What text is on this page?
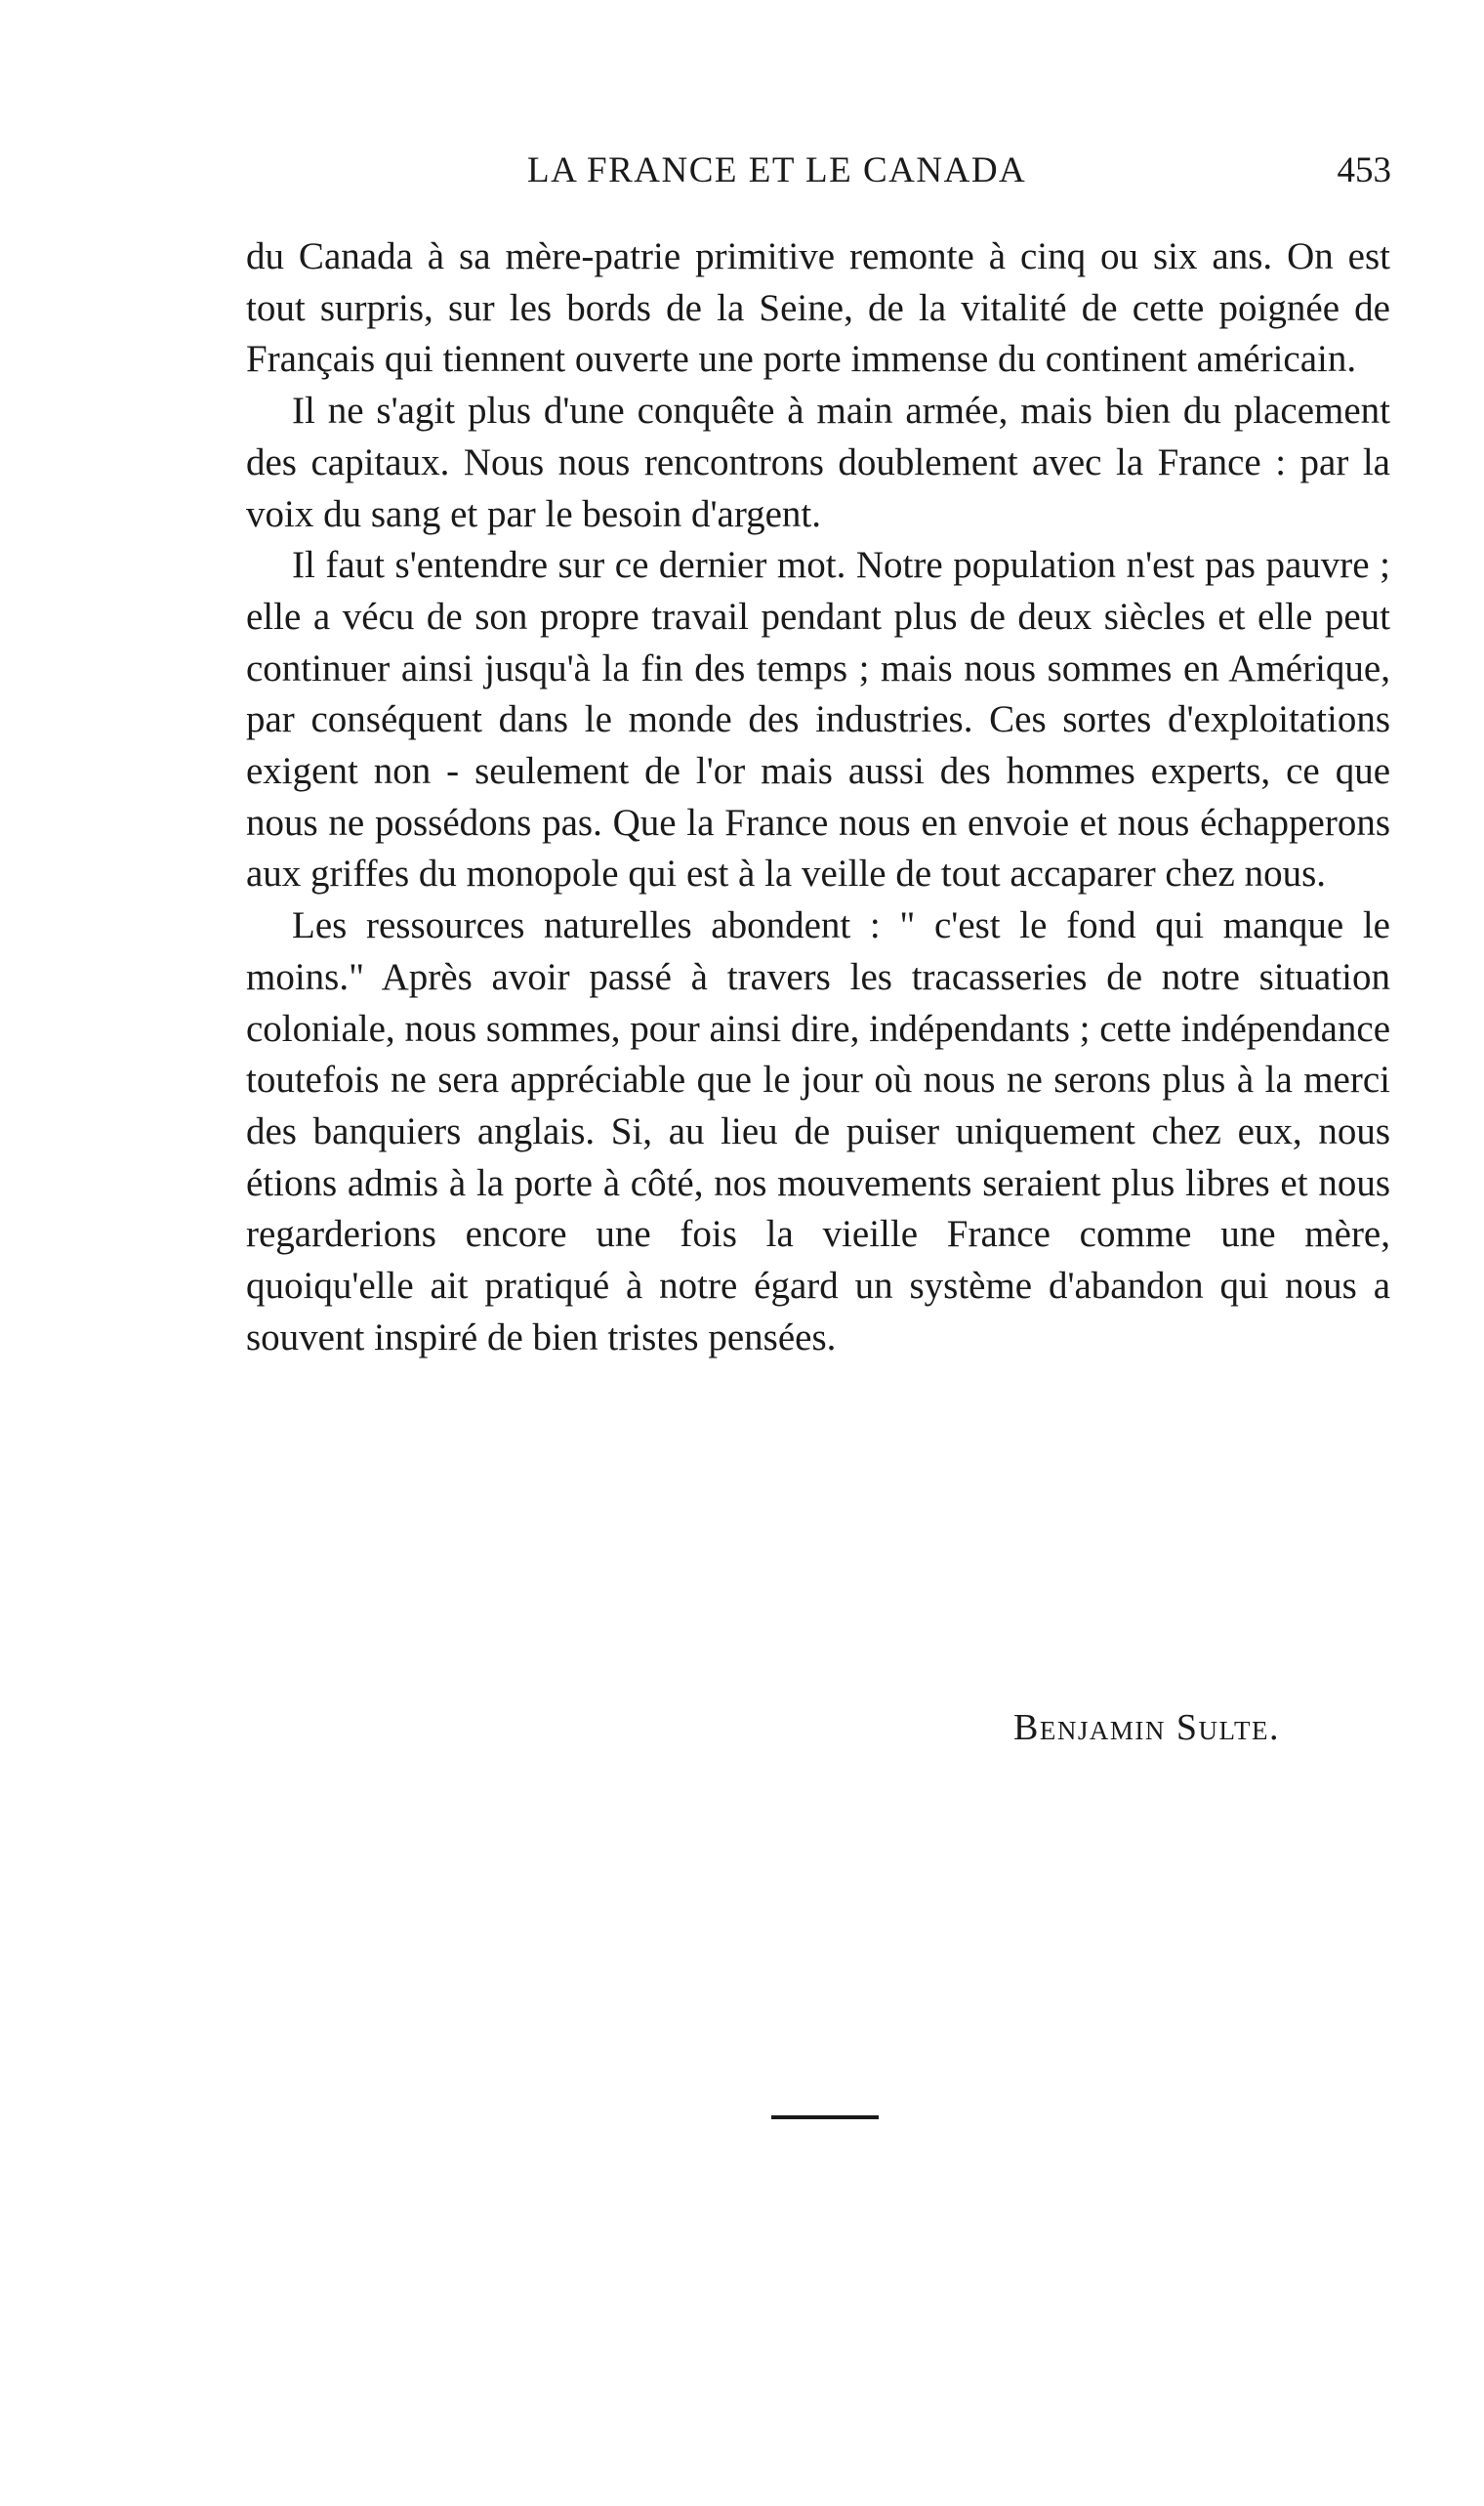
LA FRANCE ET LE CANADA	453

du Canada à sa mère-patrie primitive remonte à cinq ou six ans. On est tout surpris, sur les bords de la Seine, de la vitalité de cette poignée de Français qui tiennent ouverte une porte immense du continent américain.

Il ne s'agit plus d'une conquête à main armée, mais bien du placement des capitaux. Nous nous rencontrons doublement avec la France : par la voix du sang et par le besoin d'argent.

Il faut s'entendre sur ce dernier mot. Notre population n'est pas pauvre ; elle a vécu de son propre travail pendant plus de deux siècles et elle peut continuer ainsi jusqu'à la fin des temps ; mais nous sommes en Amérique, par conséquent dans le monde des industries. Ces sortes d'exploitations exigent non - seulement de l'or mais aussi des hommes experts, ce que nous ne possédons pas. Que la France nous en envoie et nous échapperons aux griffes du monopole qui est à la veille de tout accaparer chez nous.

Les ressources naturelles abondent : " c'est le fond qui manque le moins." Après avoir passé à travers les tracasseries de notre situation coloniale, nous sommes, pour ainsi dire, indépendants ; cette indépendance toutefois ne sera appréciable que le jour où nous ne serons plus à la merci des banquiers anglais. Si, au lieu de puiser uniquement chez eux, nous étions admis à la porte à côté, nos mouvements seraient plus libres et nous regarderions encore une fois la vieille France comme une mère, quoiqu'elle ait pratiqué à notre égard un système d'abandon qui nous a souvent inspiré de bien tristes pensées.

Benjamin Sulte.
